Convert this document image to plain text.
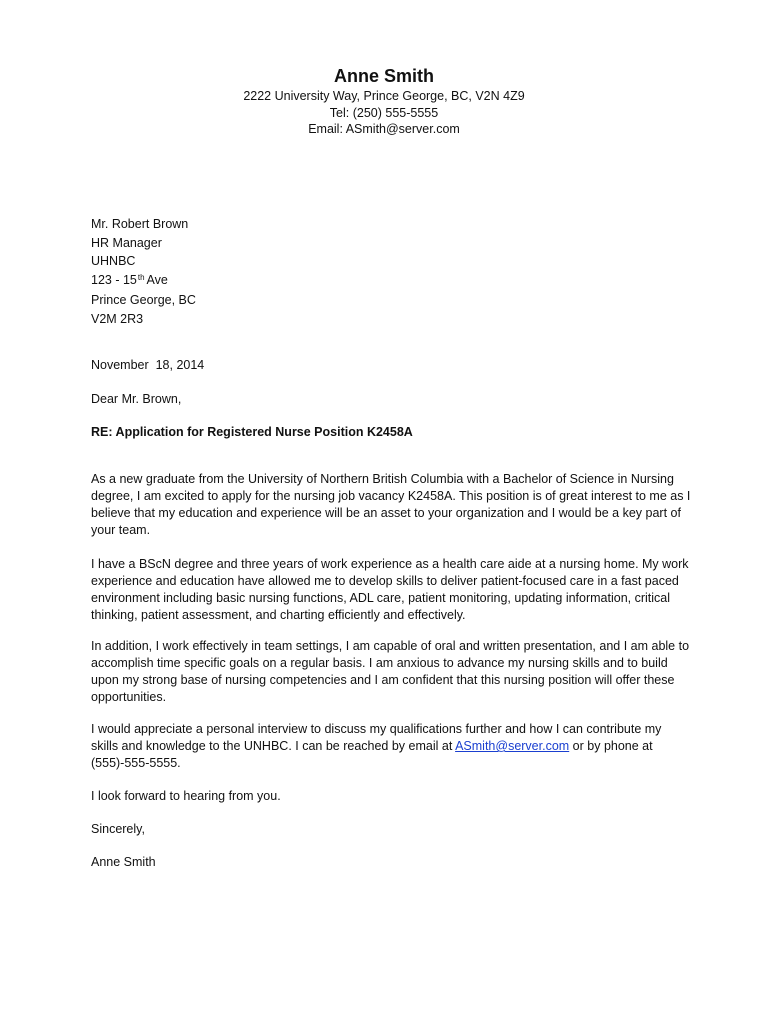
Anne Smith

2222 University Way, Prince George, BC, V2N 4Z9

Tel: (250) 555-5555

Email: ASmith@server.com

Mr. Robert Brown
HR Manager
UHNBC
123 - 15th Ave
Prince George, BC
V2M 2R3
November  18, 2014
Dear Mr. Brown,
RE: Application for Registered Nurse Position K2458A
As a new graduate from the University of Northern British Columbia with a Bachelor of Science in Nursing degree, I am excited to apply for the nursing job vacancy K2458A. This position is of great interest to me as I believe that my education and experience will be an asset to your organization and I would be a key part of your team.
I have a BScN degree and three years of work experience as a health care aide at a nursing home. My work experience and education have allowed me to develop skills to deliver patient-focused care in a fast paced environment including basic nursing functions, ADL care, patient monitoring, updating information, critical thinking, patient assessment, and charting efficiently and effectively.
In addition, I work effectively in team settings, I am capable of oral and written presentation, and I am able to accomplish time specific goals on a regular basis. I am anxious to advance my nursing skills and to build upon my strong base of nursing competencies and I am confident that this nursing position will offer these opportunities.
I would appreciate a personal interview to discuss my qualifications further and how I can contribute my skills and knowledge to the UNHBC. I can be reached by email at ASmith@server.com or by phone at (555)-555-5555.
I look forward to hearing from you.
Sincerely,
Anne Smith
